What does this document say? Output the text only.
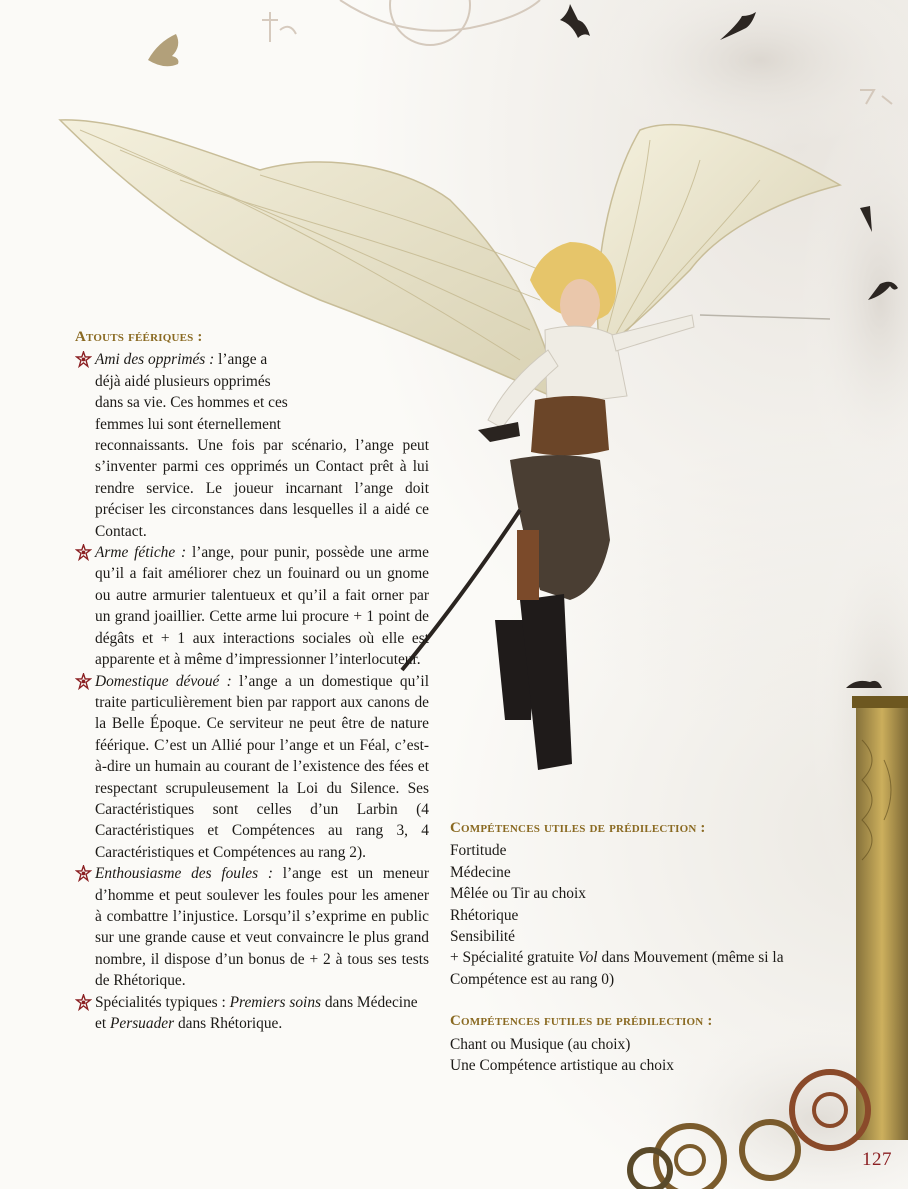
Atouts féériques :

Ami des opprimés : l’ange a déjà aidé plusieurs opprimés dans sa vie. Ces hommes et ces femmes lui sont éternellement
reconnaissants. Une fois par scénario, l’ange peut s’inventer parmi ces opprimés un Contact prêt à lui rendre service. Le joueur incarnant l’ange doit préciser les circonstances dans lesquelles il a aidé ce Contact.
Arme fétiche : l’ange, pour punir, possède une arme qu’il a fait améliorer chez un fouinard ou un gnome ou autre armurier talentueux et qu’il a fait orner par un grand joaillier. Cette arme lui procure + 1 point de dégâts et + 1 aux interactions sociales où elle est apparente et à même d’impressionner l’interlocuteur.
Domestique dévoué : l’ange a un domestique qu’il traite particulièrement bien par rapport aux canons de la Belle Époque. Ce serviteur ne peut être de nature féérique. C’est un Allié pour l’ange et un Féal, c’est-à-dire un humain au courant de l’existence des fées et respectant scrupuleusement la Loi du Silence. Ses Caractéristiques sont celles d’un Larbin (4 Caractéristiques et Compétences au rang 3, 4 Caractéristiques et Compétences au rang 2).
Enthousiasme des foules : l’ange est un meneur d’homme et peut soulever les foules pour les amener à combattre l’injustice. Lorsqu’il s’exprime en public sur une grande cause et veut convaincre le plus grand nombre, il dispose d’un bonus de + 2 à tous ses tests de Rhétorique.
Spécialités typiques : Premiers soins dans Médecine et Persuader dans Rhétorique.

Compétences utiles de prédilection :

Fortitude

Médecine

Mêlée ou Tir au choix

Rhétorique

Sensibilité

+ Spécialité gratuite Vol dans Mouvement (même si la Compétence est au rang 0)

Compétences futiles de prédilection :

Chant ou Musique (au choix)

Une Compétence artistique au choix

127
